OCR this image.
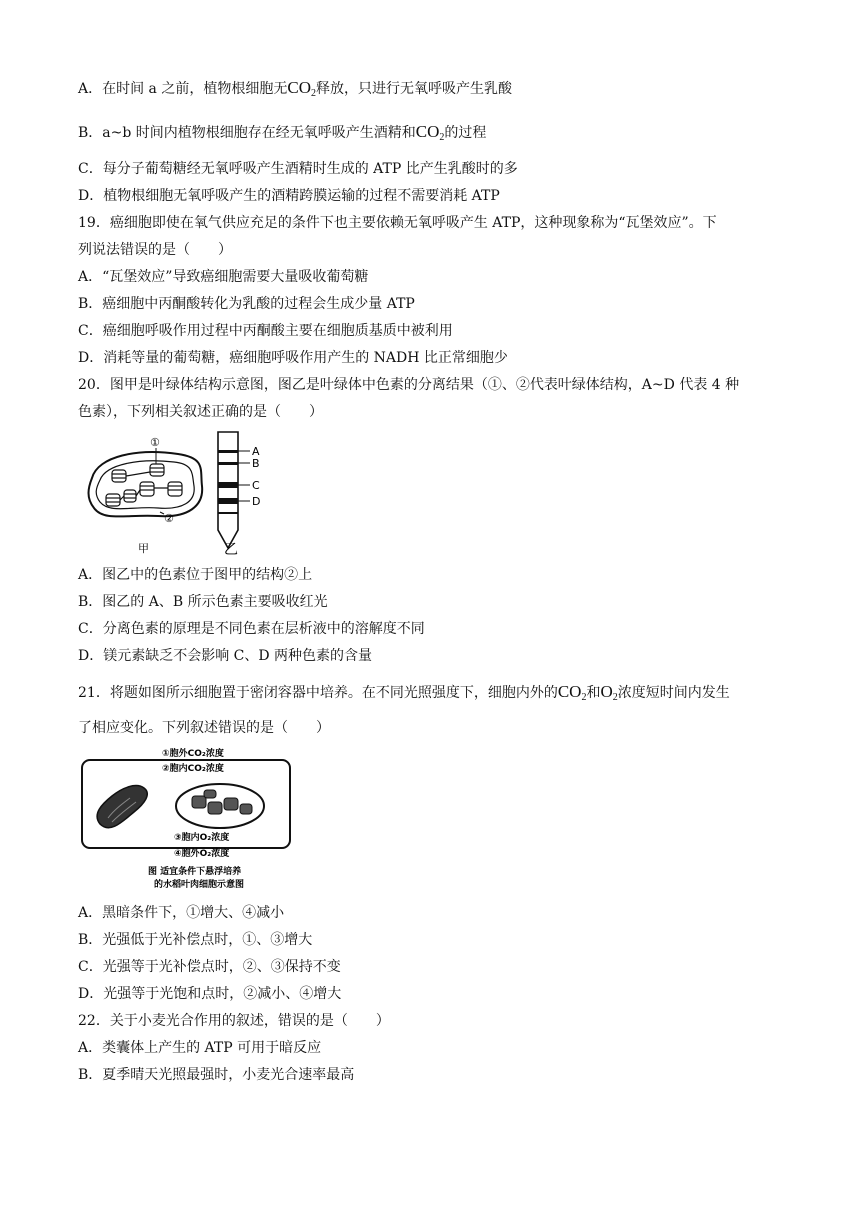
A．在时间 a 之前，植物根细胞无$CO_2$释放，只进行无氧呼吸产生乳酸
B．a~b 时间内植物根细胞存在经无氧呼吸产生酒精和$CO_2$的过程
C．每分子葡萄糖经无氧呼吸产生酒精时生成的 ATP 比产生乳酸时的多
D．植物根细胞无氧呼吸产生的酒精跨膜运输的过程不需要消耗 ATP
19．癌细胞即使在氧气供应充足的条件下也主要依赖无氧呼吸产生 ATP，这种现象称为“瓦堡效应”。下
列说法错误的是（　　）
A．“瓦堡效应”导致癌细胞需要大量吸收葡萄糖
B．癌细胞中丙酮酸转化为乳酸的过程会生成少量 ATP
C．癌细胞呼吸作用过程中丙酮酸主要在细胞质基质中被利用
D．消耗等量的葡萄糖，癌细胞呼吸作用产生的 NADH 比正常细胞少
20．图甲是叶绿体结构示意图，图乙是叶绿体中色素的分离结果（①、②代表叶绿体结构，A~D 代表 4 种
色素），下列相关叙述正确的是（　　）
①
②
甲
A
B
C
D
乙
A．图乙中的色素位于图甲的结构②上
B．图乙的 A、B 所示色素主要吸收红光
C．分离色素的原理是不同色素在层析液中的溶解度不同
D．镁元素缺乏不会影响 C、D 两种色素的含量
21．将题如图所示细胞置于密闭容器中培养。在不同光照强度下，细胞内外的$CO_2$和$O_2$浓度短时间内发生
了相应变化。下列叙述错误的是（　　）
①胞外CO₂浓度
②胞内CO₂浓度
③胞内O₂浓度
④胞外O₂浓度
图 适宜条件下悬浮培养
的水稻叶肉细胞示意图
A．黑暗条件下，①增大、④减小
B．光强低于光补偿点时，①、③增大
C．光强等于光补偿点时，②、③保持不变
D．光强等于光饱和点时，②减小、④增大
22．关于小麦光合作用的叙述，错误的是（　　）
A．类囊体上产生的 ATP 可用于暗反应
B．夏季晴天光照最强时，小麦光合速率最高
